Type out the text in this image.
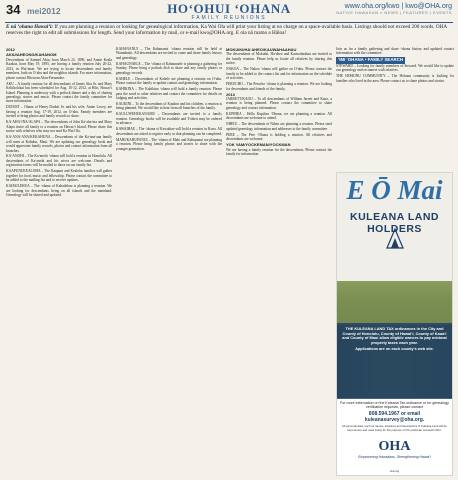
34 mei2012	HO‘OHUI ‘OHANA
FAMILY REUNIONS
www.oha.org/kwo | kwo@OHA.org
NATIVE HAWAIIAN » NEWS | FEATURES | EVENTS
E nā ‘ohana Hawai‘i: If you are planning a reunion or looking for genealogical information, Ka Wai Ola will print your listing at no charge on a space-available basis. Listings should not exceed 200 words. OHA reserves the right to edit all submissions for length. Send your information by mail, or e-mail kwo@OHA.org. E ola nā mamo a Hāloa!
2012
AKIU/AHEONG/KAHANOM
Descendants of Samuel Akiu, born March 22, 1890, and Annie Keala Kaakoa, born May 19, 1895, are having a family reunion July 20-22, 2012, in Waiʻanae. We are trying to locate descendants and family members, both on Oʻahu and the neighbor islands. For more information, please contact Blossom Akiu-Fernandez.
AKU – A family reunion for all descendants of James Aku Sr. and Mary Keliiholokai has been scheduled for Aug. 10-12, 2012, at Hilo, Hawaiʻi Island. Planning is underway with a potluck dinner and a day of sharing genealogy, stories and music. Please contact the family committee for more information.
DUDOIT – Ohana of Henry Dudoit Sr. and his wife, Annie Lovey, are having a reunion Aug. 17-19, 2012, on Oʻahu. Family members are invited to bring photos and family records to share.
KA‘AHA‘INA/ALAPA – The descendants of John Kaʻahaʻina and Mary Alapa invite all family to a reunion on Hawaiʻi Island. Please share this notice with relatives who may not read Ka Wai Ola.
KA‘ANA‘ANA/KEKAHUNA – Descendants of the Kaʻanaʻana family will meet at Kahului, Maui. We are updating our genealogy book and would appreciate family records, photos and contact information from all branches.
KA‘ANOHI – The Kaʻanohi ʻohana will hold a reunion in Honolulu. All descendants of Kaʻanohi and his wives are welcome. Details and registration forms will be mailed to those on our family list.
KAAPUNI/KEALOHA – The Kaapuni and Kealoha families will gather together for food, music and fellowship. Please contact the committee to be added to the mailing list and to receive updates.
KAHAILEHUA – The ʻohana of Kahailehua is planning a reunion. We are looking for descendants living on all islands and the mainland. Genealogy will be shared and updated.
KAHANANUI – The Kahananui ʻohana reunion will be held at Waimānalo. All descendants are invited to come and share family history and genealogy.
KAHAUNAELE – The ʻohana of Kahaunaele is planning a gathering for Sunday. Please bring a potluck dish to share and any family photos or genealogy records.
KAHELE – Descendants of Kahele are planning a reunion on Oʻahu. Please contact the family to update contact and genealogy information.
KAHIKINA – The Kahikina ʻohana will hold a family reunion. Please pass the word to other relatives and contact the committee for details on lodging and activities.
KAUKINI – To the descendants of Kaukini and his children, a reunion is being planned. We would like to hear from all branches of the family.
KAULUWEHI/KANAMU – Descendants are invited to a family reunion. Genealogy books will be available and T-shirts may be ordered in advance.
KAWAIHAE – The ʻohana of Kawaihae will hold a reunion in Kona. All descendants are asked to register early so that planning can be completed.
MAHI/KAHUPANUI – The ʻohana of Mahi and Kahupanui are planning a reunion. Please bring family photos and stories to share with the younger generation.
MOKUIKI/HA‘AHEO/KAUWAHAAHAU
The descendants of Mokuiki, Haʻaheo and Kauwahaahau are invited to the family reunion. Please help us locate all relatives by sharing this notice.
NAKOA – The Nakoa ʻohana will gather on Oʻahu. Please contact the family to be added to the contact list and for information on the schedule of activities.
PERUCHO – The Perucho ʻohana is planning a reunion. We are looking for descendants and friends of the family.
2013
JARRETT/KAOO – To all descendants of William Jarrett and Kaoo, a reunion is being planned. Please contact the committee to share genealogy and contact information.
KUPIHEA – Hello Kupihea ʻOhana, we are planning a reunion. All descendants are welcome to attend.
NIHEU – The descendants of Niheu are planning a reunion. Please send updated genealogy information and addresses to the family committee.
PERE – The Pere ʻOhana is holding a reunion. All relatives and descendants are welcome.
YOK YAM/YOCKEMAN/YOCKMAN
We are having a family reunion for the descendants. Please contact the family for information.
Join us for a family gathering and share ʻohana history and updated contact information with the committee.
‘IMI ‘OHANA • FAMILY SEARCH
STEWARD – Looking for family members of Steward. We would like to update our genealogy and reconnect with relatives.
THE HOHONU COMMUNITY – The Hohonu community is looking for families who lived in the area. Please contact us to share photos and stories.
E Ō Mai
KULEANA LAND HOLDERS
THE KULEANA LAND TAX ordinances in the City and County of Honolulu, County of Hawai‘i, County of Kaua‘i and County of Maui allow eligible owners to pay minimal property taxes each year.
Applications are on each county’s web site.
For more information on the Kuleana Tax ordinance or for genealogy verification requests, please contact
808.594.1967 or email kuleanasurvey@oha.org.
All personal data, such as names, locations and descriptions of Kuleana Land will be kept secure and used solely for the purpose of this particular outreach effort.
OHA
Empowering Hawaiians, Strengthening Hawai‘i
oha.org
